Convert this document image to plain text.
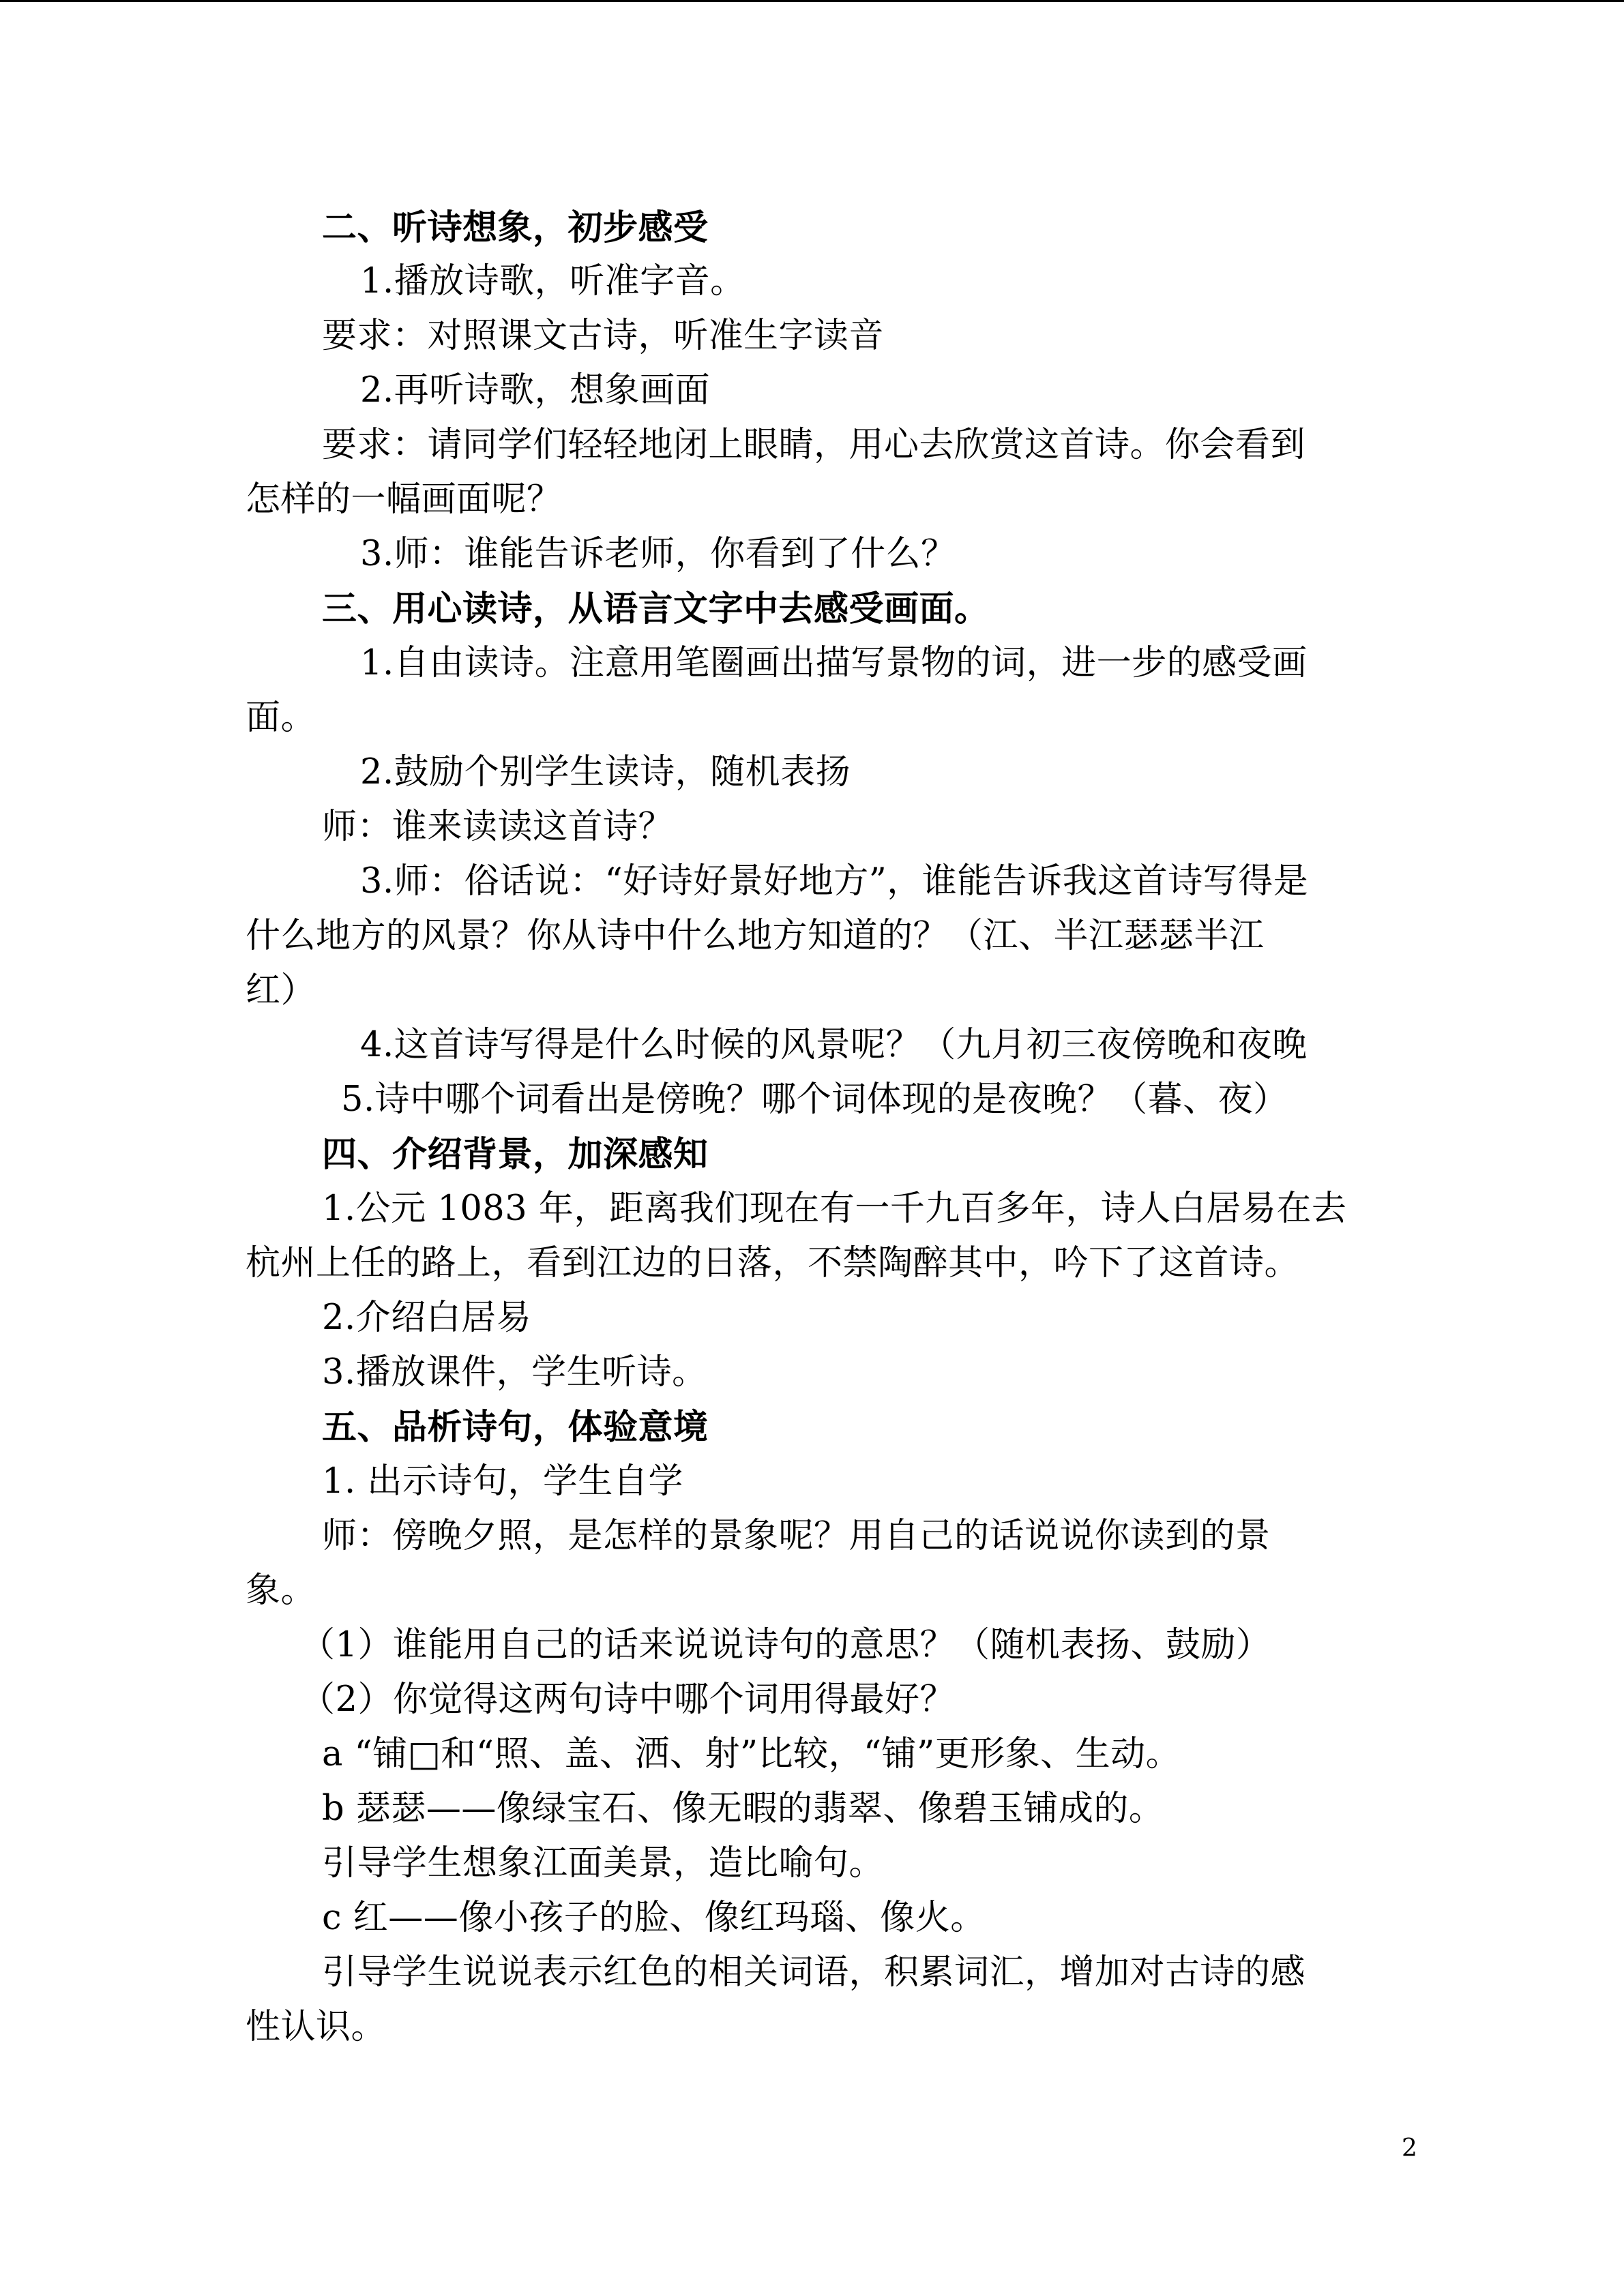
二、听诗想象，初步感受
1.播放诗歌，听准字音。
要求：对照课文古诗，听准生字读音
2.再听诗歌，想象画面
要求：请同学们轻轻地闭上眼睛，用心去欣赏这首诗。你会看到
怎样的一幅画面呢？
3.师：谁能告诉老师，你看到了什么？
三、用心读诗，从语言文字中去感受画面。
1.自由读诗。注意用笔圈画出描写景物的词，进一步的感受画
面。
2.鼓励个别学生读诗，随机表扬
师：谁来读读这首诗？
3.师：俗话说：“好诗好景好地方”，谁能告诉我这首诗写得是
什么地方的风景？你从诗中什么地方知道的？（江、半江瑟瑟半江
红）
4.这首诗写得是什么时候的风景呢？（九月初三夜傍晚和夜晚
5.诗中哪个词看出是傍晚？哪个词体现的是夜晚？（暮、夜）
四、介绍背景，加深感知
1.公元 1083 年，距离我们现在有一千九百多年，诗人白居易在去
杭州上任的路上，看到江边的日落，不禁陶醉其中，吟下了这首诗。
2.介绍白居易
3.播放课件，学生听诗。
五、品析诗句，体验意境
1. 出示诗句，学生自学
师：傍晚夕照，是怎样的景象呢？用自己的话说说你读到的景
象。
（1）谁能用自己的话来说说诗句的意思？（随机表扬、鼓励）
（2）你觉得这两句诗中哪个词用得最好？
a “铺□和“照、盖、洒、射”比较，“铺”更形象、生动。
b 瑟瑟——像绿宝石、像无暇的翡翠、像碧玉铺成的。
引导学生想象江面美景，造比喻句。
c 红——像小孩子的脸、像红玛瑙、像火。
引导学生说说表示红色的相关词语，积累词汇，增加对古诗的感
性认识。
2
